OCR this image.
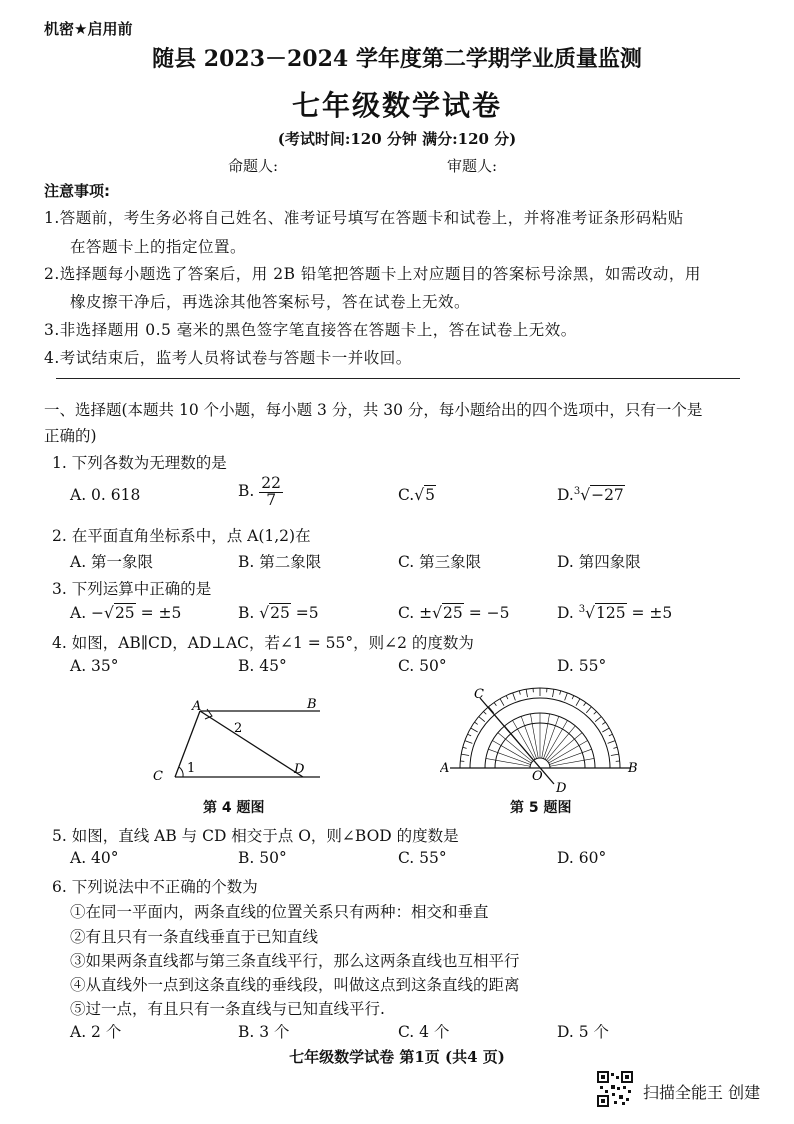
机密★启用前
随县 2023－2024 学年度第二学期学业质量监测
七年级数学试卷
(考试时间:120 分钟 满分:120 分)
命题人:	审题人:
注意事项:
1.答题前，考生务必将自己姓名、准考证号填写在答题卡和试卷上，并将准考证条形码粘贴
在答题卡上的指定位置。
2.选择题每小题选了答案后，用 2B 铅笔把答题卡上对应题目的答案标号涂黑，如需改动，用
橡皮擦干净后，再选涂其他答案标号，答在试卷上无效。
3.非选择题用 0.5 毫米的黑色签字笔直接答在答题卡上，答在试卷上无效。
4.考试结束后，监考人员将试卷与答题卡一并收回。
一、选择题(本题共 10 个小题，每小题 3 分，共 30 分，每小题给出的四个选项中，只有一个是
正确的)
1. 下列各数为无理数的是
A. 0. 618	B. $\frac{22}{7}$	C.√5	D.$^3$√−27
2. 在平面直角坐标系中，点 A(1,2)在
A. 第一象限	B. 第二象限	C. 第三象限	D. 第四象限
3. 下列运算中正确的是
A. −√25 = ±5	B. √25 =5	C. ±√25 = −5	D. $^3$√125 = ±5
4. 如图，AB∥CD，AD⊥AC，若∠1 = 55°，则∠2 的度数为
A. 35°	B. 45°	C. 50°	D. 55°
A	B
C	D
1
2
第 4 题图
A	B
C
D
O
第 5 题图
5. 如图，直线 AB 与 CD 相交于点 O，则∠BOD 的度数是
A. 40°	B. 50°	C. 55°	D. 60°
6. 下列说法中不正确的个数为
①在同一平面内，两条直线的位置关系只有两种：相交和垂直
②有且只有一条直线垂直于已知直线
③如果两条直线都与第三条直线平行，那么这两条直线也互相平行
④从直线外一点到这条直线的垂线段，叫做这点到这条直线的距离
⑤过一点，有且只有一条直线与已知直线平行.
A. 2 个	B. 3 个	C. 4 个	D. 5 个
七年级数学试卷 第1页 (共4 页)
扫描全能王 创建
